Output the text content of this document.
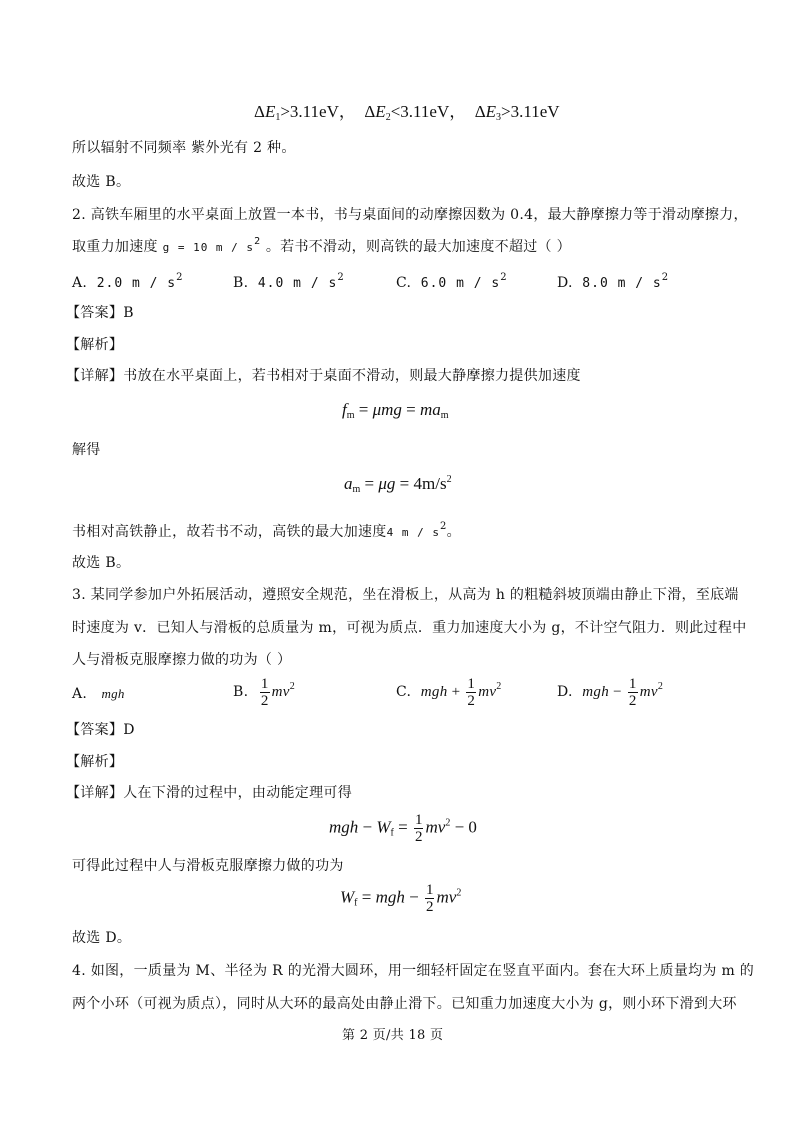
$\Delta E_1>3.11eV$，  $\Delta E_2<3.11eV$，  $\Delta E_3>3.11eV$
所以辐射不同频率 紫外光有 2 种。
故选 B。
2. 高铁车厢里的水平桌面上放置一本书，书与桌面间的动摩擦因数为 0.4，最大静摩擦力等于滑动摩擦力，
取重力加速度 g = 10 m / $s^2$ 。若书不滑动，则高铁的最大加速度不超过（ ）
A. 2.0 m / $s^2$	B. 4.0 m / $s^2$	C. 6.0 m / $s^2$	D. 8.0 m / $s^2$
【答案】B
【解析】
【详解】书放在水平桌面上，若书相对于桌面不滑动，则最大静摩擦力提供加速度
$f_m = \mu mg = ma_m$
解得
$a_m = \mu g = 4m/s^2$
书相对高铁静止，故若书不动，高铁的最大加速度4 m / $s^2$。
故选 B。
3. 某同学参加户外拓展活动，遵照安全规范，坐在滑板上，从高为 h 的粗糙斜坡顶端由静止下滑，至底端
时速度为 v．已知人与滑板的总质量为 m，可视为质点．重力加速度大小为 g，不计空气阻力．则此过程中
人与滑板克服摩擦力做的功为（ ）
A. mgh	B. $\frac{1}{2} mv^2$	C. mgh + $\frac{1}{2} mv^2$	D. mgh − $\frac{1}{2} mv^2$
【答案】D
【解析】
【详解】人在下滑的过程中，由动能定理可得
mgh − $W_f = \frac{1}{2} mv^2 - 0$
可得此过程中人与滑板克服摩擦力做的功为
$W_f$ = mgh − $\frac{1}{2} mv^2$
故选 D。
4. 如图，一质量为 M、半径为 R 的光滑大圆环，用一细轻杆固定在竖直平面内。套在大环上质量均为 m 的
两个小环（可视为质点），同时从大环的最高处由静止滑下。已知重力加速度大小为 g，则小环下滑到大环
第 2 页/共 18 页
